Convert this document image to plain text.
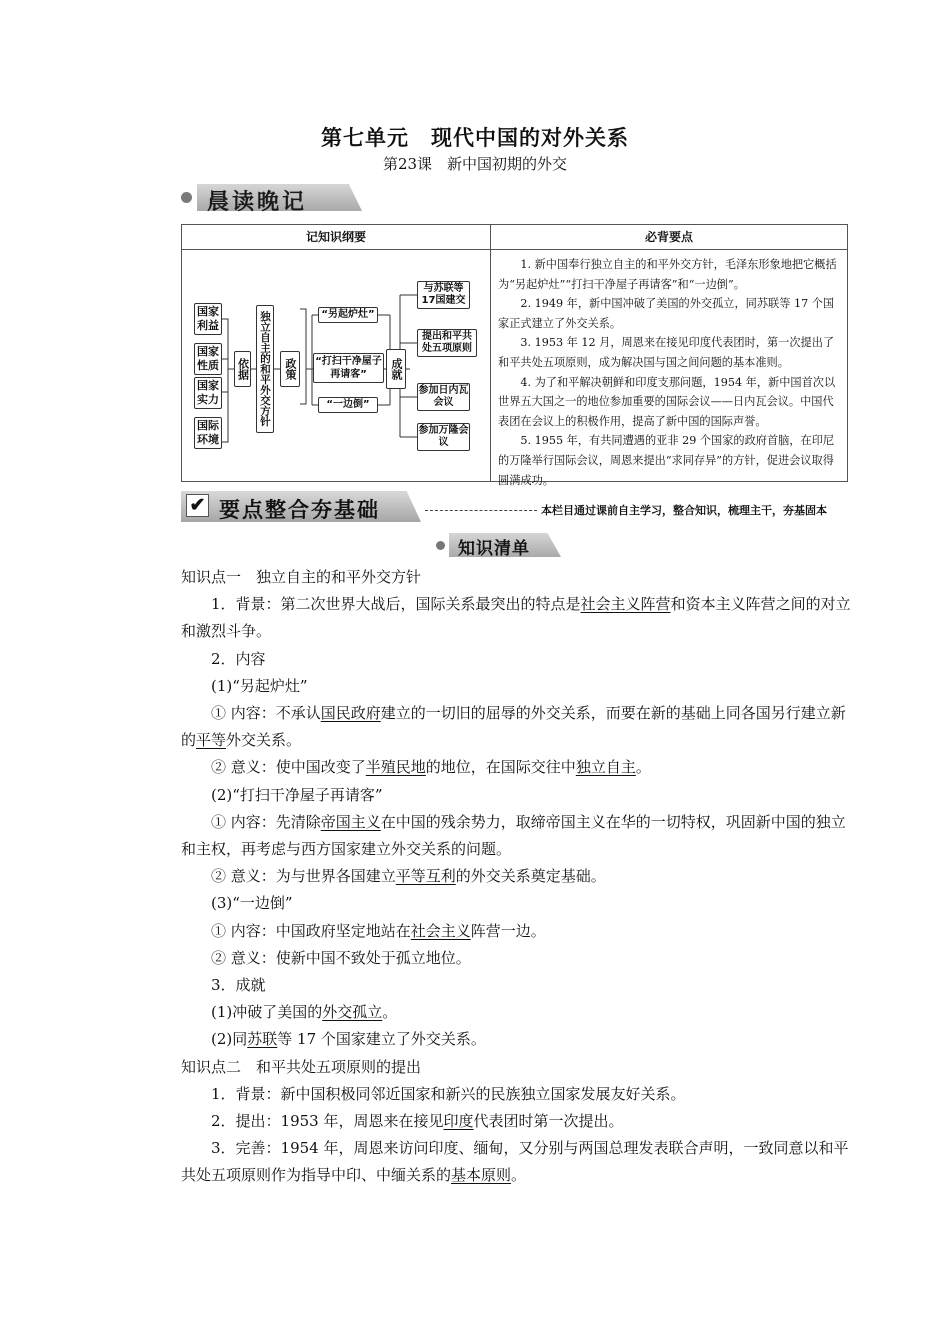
第七单元　现代中国的对外关系
第23课　新中国初期的外交
晨读晚记
记知识纲要	必背要点
国家利益
国家性质
国家实力
国际环境
依据 独立自主的和平外交方针	政策
“另起炉灶”
“打扫干净屋子再请客”
“一边倒”
成就
与苏联等17国建交
提出和平共处五项原则
参加日内瓦会议
参加万隆会议

1. 新中国奉行独立自主的和平外交方针，毛泽东形象地把它概括为“另起炉灶”“打扫干净屋子再请客”和“一边倒”。

2. 1949 年，新中国冲破了美国的外交孤立，同苏联等 17 个国家正式建立了外交关系。

3. 1953 年 12 月，周恩来在接见印度代表团时，第一次提出了和平共处五项原则，成为解决国与国之间问题的基本准则。

4. 为了和平解决朝鲜和印度支那问题，1954 年，新中国首次以世界五大国之一的地位参加重要的国际会议——日内瓦会议。中国代表团在会议上的积极作用，提高了新中国的国际声誉。

5. 1955 年，有共同遭遇的亚非 29 个国家的政府首脑，在印尼的万隆举行国际会议，周恩来提出“求同存异”的方针，促进会议取得圆满成功。

✔ 要点整合夯基础	本栏目通过课前自主学习，整合知识，梳理主干，夯基固本
知识清单

知识点一　独立自主的和平外交方针

1．背景：第二次世界大战后，国际关系最突出的特点是社会主义阵营和资本主义阵营之间的对立和激烈斗争。

2．内容

(1)“另起炉灶”

① 内容：不承认国民政府建立的一切旧的屈辱的外交关系，而要在新的基础上同各国另行建立新的平等外交关系。

② 意义：使中国改变了半殖民地的地位，在国际交往中独立自主。

(2)“打扫干净屋子再请客”

① 内容：先清除帝国主义在中国的残余势力，取缔帝国主义在华的一切特权，巩固新中国的独立和主权，再考虑与西方国家建立外交关系的问题。

② 意义：为与世界各国建立平等互利的外交关系奠定基础。

(3)“一边倒”

① 内容：中国政府坚定地站在社会主义阵营一边。

② 意义：使新中国不致处于孤立地位。

3．成就

(1)冲破了美国的外交孤立。

(2)同苏联等 17 个国家建立了外交关系。

知识点二　和平共处五项原则的提出

1．背景：新中国积极同邻近国家和新兴的民族独立国家发展友好关系。

2．提出：1953 年，周恩来在接见印度代表团时第一次提出。

3．完善：1954 年，周恩来访问印度、缅甸，又分别与两国总理发表联合声明，一致同意以和平共处五项原则作为指导中印、中缅关系的基本原则。
